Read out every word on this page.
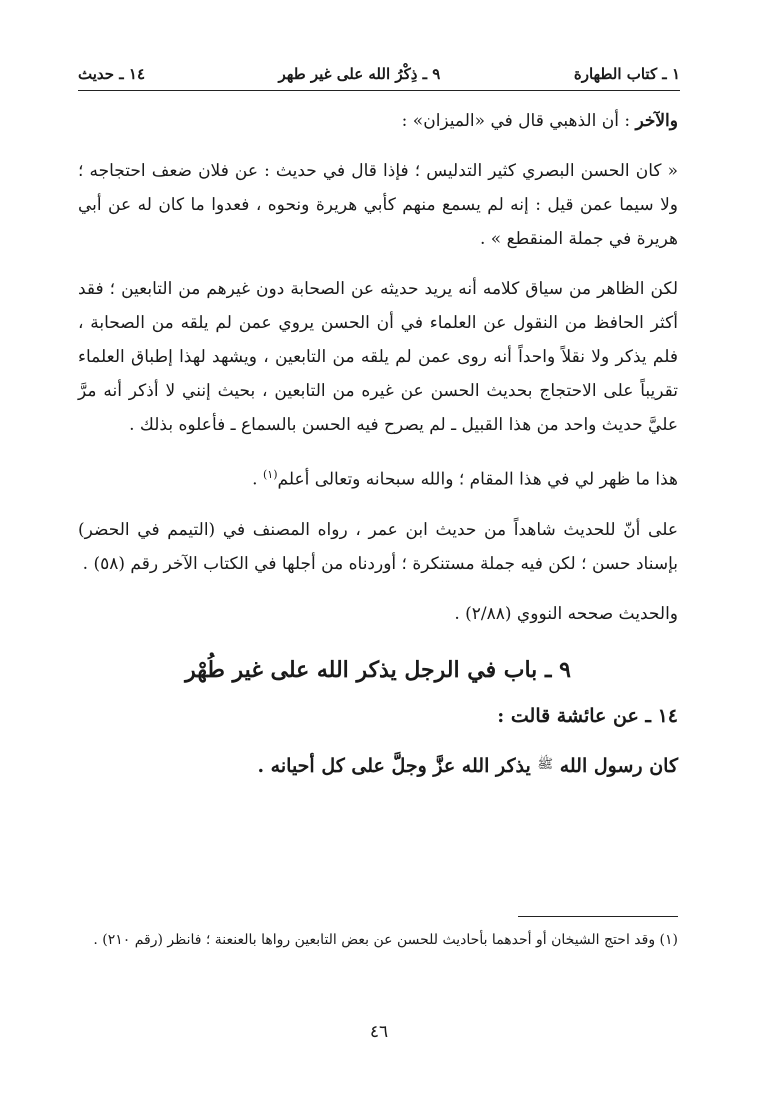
١ ـ كتاب الطهارة
٩ ـ ذِكْرُ الله على غير طهر
١٤ ـ حديث

والآخر : أن الذهبي قال في «الميزان» :

« كان الحسن البصري كثير التدليس ؛ فإذا قال في حديث : عن فلان ضعف احتجاجه ؛ ولا سيما عمن قيل : إنه لم يسمع منهم كأبي هريرة ونحوه ، فعدوا ما كان له عن أبي هريرة في جملة المنقطع » .

لكن الظاهر من سياق كلامه أنه يريد حديثه عن الصحابة دون غيرهم من التابعين ؛ فقد أكثر الحافظ من النقول عن العلماء في أن الحسن يروي عمن لم يلقه من الصحابة ، فلم يذكر ولا نقلاً واحداً أنه روى عمن لم يلقه من التابعين ، ويشهد لهذا إطباق العلماء تقريباً على الاحتجاج بحديث الحسن عن غيره من التابعين ، بحيث إنني لا أذكر أنه مرَّ عليَّ حديث واحد من هذا القبيل ـ لم يصرح فيه الحسن بالسماع ـ فأعلوه بذلك .

هذا ما ظهر لي في هذا المقام ؛ والله سبحانه وتعالى أعلم$^{(١)}$ .

على أنّ للحديث شاهداً من حديث ابن عمر ، رواه المصنف في (التيمم في الحضر) بإسناد حسن ؛ لكن فيه جملة مستنكرة ؛ أوردناه من أجلها في الكتاب الآخر رقم (٥٨) .

والحديث صححه النووي (٢/٨٨) .

٩ ـ باب في الرجل يذكر الله على غير طُهْر

١٤ ـ عن عائشة قالت :

كان رسول الله ﷺ يذكر الله عزَّ وجلَّ على كل أحيانه .

(١) وقد احتج الشيخان أو أحدهما بأحاديث للحسن عن بعض التابعين رواها بالعنعنة ؛ فانظر (رقم ٢١٠) .
٤٦
